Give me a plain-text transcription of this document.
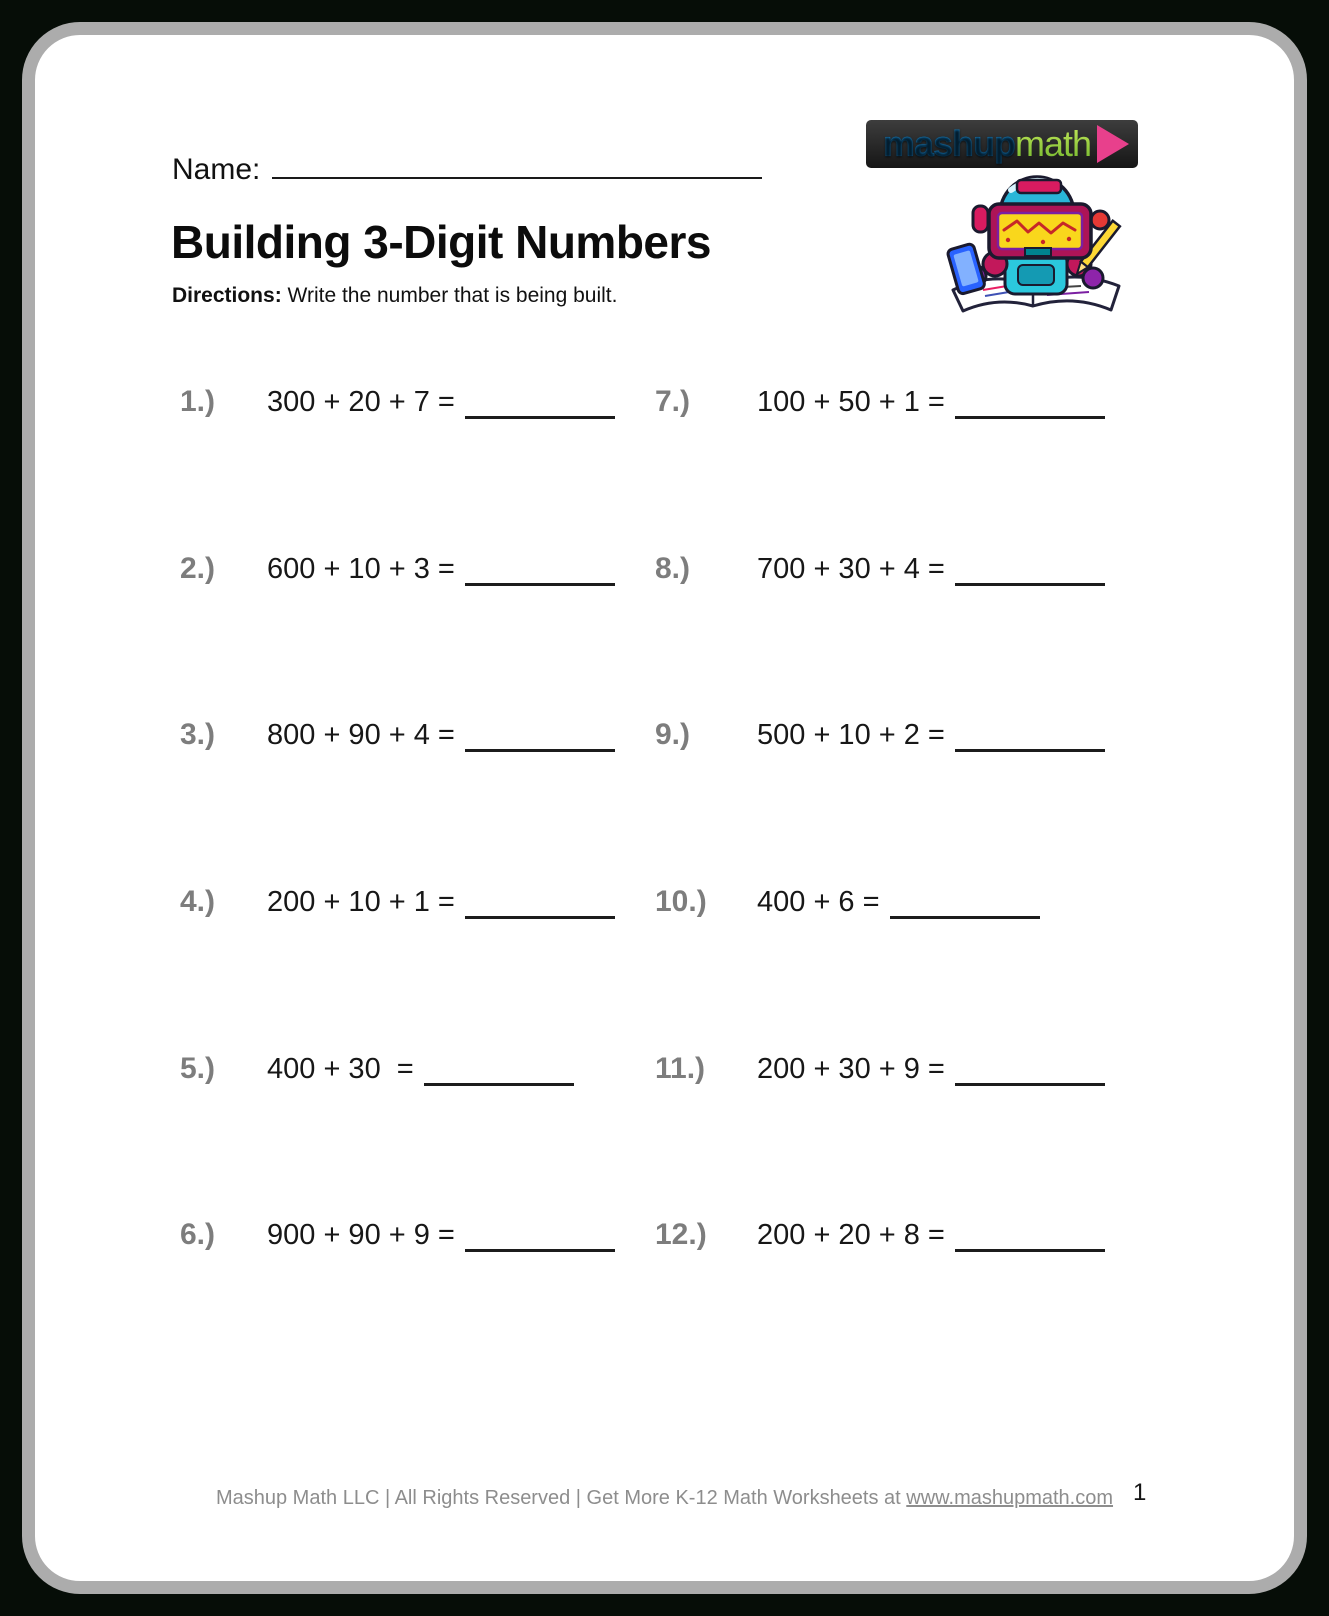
Name:
mashup math
Building 3-Digit Numbers
Directions: Write the number that is being built.
1.)	300 + 20 + 7 =
2.)	600 + 10 + 3 =
3.)	800 + 90 + 4 =
4.)	200 + 10 + 1 =
5.)	400 + 30  =
6.)	900 + 90 + 9 =
7.)	100 + 50 + 1 =
8.)	700 + 30 + 4 =
9.)	500 + 10 + 2 =
10.)	400 + 6 =
11.)	200 + 30 + 9 =
12.)	200 + 20 + 8 =
Mashup Math LLC | All Rights Reserved | Get More K-12 Math Worksheets at www.mashupmath.com 1
